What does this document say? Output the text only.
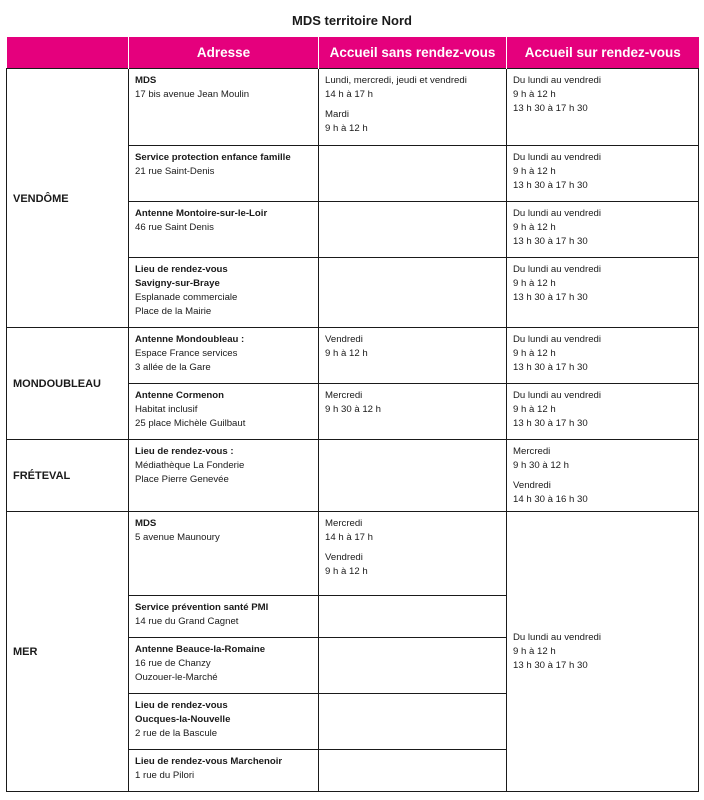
MDS territoire Nord
	Adresse	Accueil sans rendez-vous	Accueil sur rendez-vous
VENDÔME	MDS
17 bis avenue Jean Moulin	Lundi, mercredi, jeudi et vendredi
14 h à 17 h
Mardi
9 h à 12 h	Du lundi au vendredi
9 h à 12 h
13 h 30 à 17 h 30

	Service protection enfance famille
21 rue Saint-Denis		Du lundi au vendredi
9 h à 12 h
13 h 30 à 17 h 30

	Antenne Montoire-sur-le-Loir
46 rue Saint Denis		Du lundi au vendredi
9 h à 12 h
13 h 30 à 17 h 30

	Lieu de rendez-vous
Savigny-sur-Braye
Esplanade commerciale
Place de la Mairie		Du lundi au vendredi
9 h à 12 h
13 h 30 à 17 h 30

MONDOUBLEAU	Antenne Mondoubleau :
Espace France services
3 allée de la Gare	Vendredi
9 h à 12 h	Du lundi au vendredi
9 h à 12 h
13 h 30 à 17 h 30

	Antenne Cormenon
Habitat inclusif
25 place Michèle Guilbaut	Mercredi
9 h 30 à 12 h	Du lundi au vendredi
9 h à 12 h
13 h 30 à 17 h 30

FRÉTEVAL	Lieu de rendez-vous :
Médiathèque La Fonderie
Place Pierre Genevée		Mercredi
9 h 30 à 12 h
Vendredi
14 h 30 à 16 h 30

MER	MDS
5 avenue Maunoury	Mercredi
14 h à 17 h
Vendredi
9 h à 12 h	Du lundi au vendredi
9 h à 12 h
13 h 30 à 17 h 30

	Service prévention santé PMI
14 rue du Grand Cagnet		

	Antenne Beauce-la-Romaine
16 rue de Chanzy
Ouzouer-le-Marché		

	Lieu de rendez-vous
Oucques-la-Nouvelle
2 rue de la Bascule		

	Lieu de rendez-vous Marchenoir
1 rue du Pilori		
